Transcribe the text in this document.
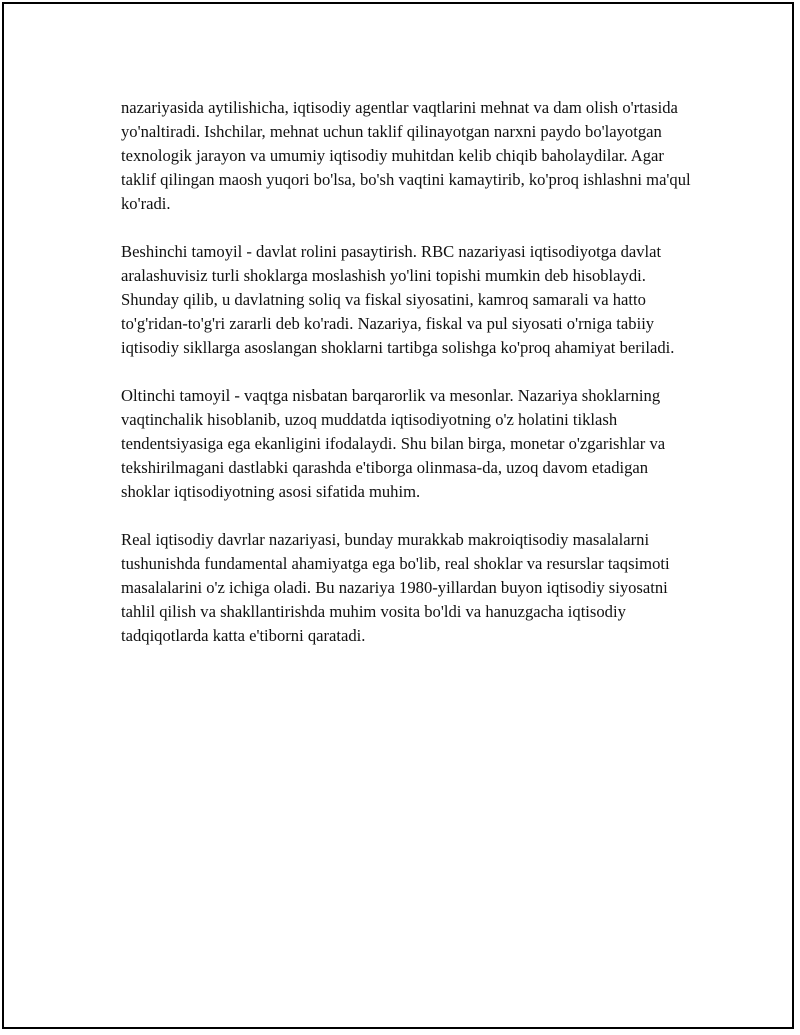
nazariyasida aytilishicha, iqtisodiy agentlar vaqtlarini mehnat va dam olish o'rtasida yo'naltiradi. Ishchilar, mehnat uchun taklif qilinayotgan narxni paydo bo'layotgan texnologik jarayon va umumiy iqtisodiy muhitdan kelib chiqib baholaydilar. Agar taklif qilingan maosh yuqori bo'lsa, bo'sh vaqtini kamaytirib, ko'proq ishlashni ma'qul ko'radi.

Beshinchi tamoyil - davlat rolini pasaytirish. RBC nazariyasi iqtisodiyotga davlat aralashuvisiz turli shoklarga moslashish yo'lini topishi mumkin deb hisoblaydi. Shunday qilib, u davlatning soliq va fiskal siyosatini, kamroq samarali va hatto to'g'ridan-to'g'ri zararli deb ko'radi. Nazariya, fiskal va pul siyosati o'rniga tabiiy iqtisodiy sikllarga asoslangan shoklarni tartibga solishga ko'proq ahamiyat beriladi.

Oltinchi tamoyil - vaqtga nisbatan barqarorlik va mesonlar. Nazariya shoklarning vaqtinchalik hisoblanib, uzoq muddatda iqtisodiyotning o'z holatini tiklash tendentsiyasiga ega ekanligini ifodalaydi. Shu bilan birga, monetar o'zgarishlar va tekshirilmagani dastlabki qarashda e'tiborga olinmasa-da, uzoq davom etadigan shoklar iqtisodiyotning asosi sifatida muhim.

Real iqtisodiy davrlar nazariyasi, bunday murakkab makroiqtisodiy masalalarni tushunishda fundamental ahamiyatga ega bo'lib, real shoklar va resurslar taqsimoti masalalarini o'z ichiga oladi. Bu nazariya 1980-yillardan buyon iqtisodiy siyosatni tahlil qilish va shakllantirishda muhim vosita bo'ldi va hanuzgacha iqtisodiy tadqiqotlarda katta e'tiborni qaratadi.
